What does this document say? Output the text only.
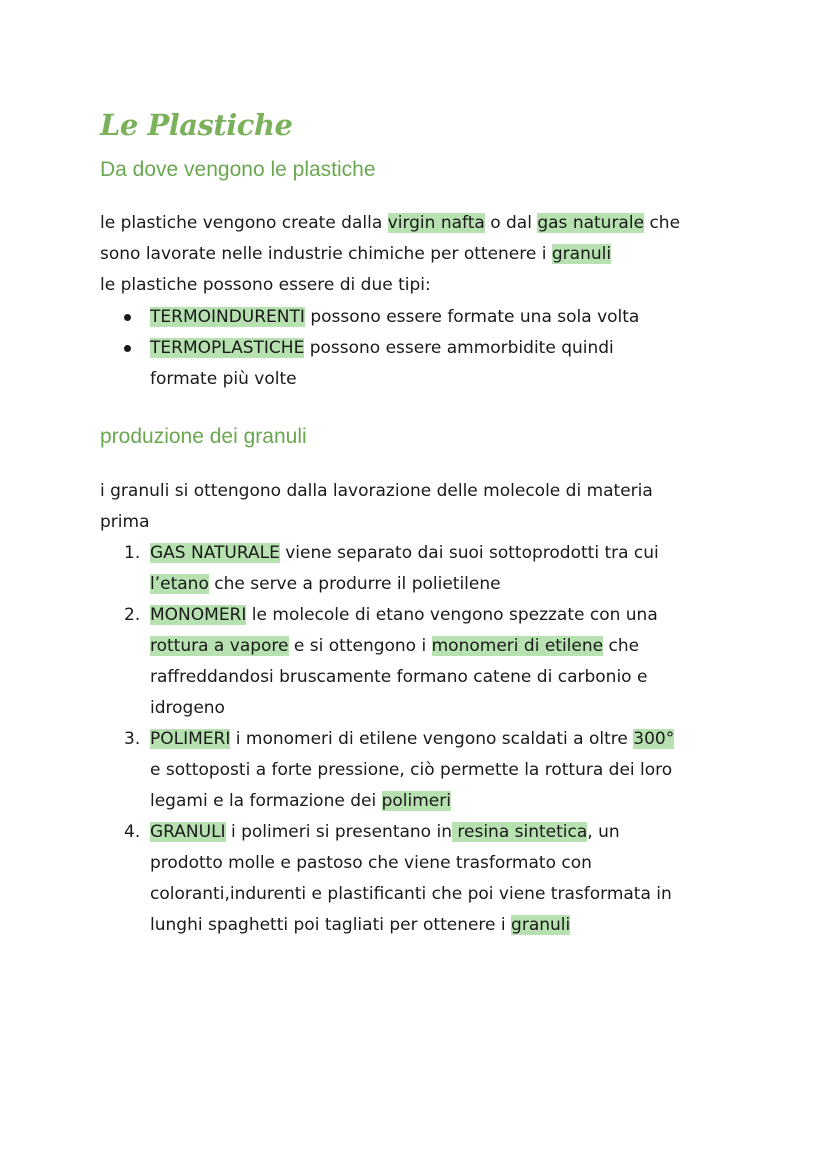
Le Plastiche
Da dove vengono le plastiche

le plastiche vengono create dalla virgin nafta o dal gas naturale che

sono lavorate nelle industrie chimiche per ottenere i granuli

le plastiche possono essere di due tipi:

TERMOINDURENTI possono essere formate una sola volta
TERMOPLASTICHE possono essere ammorbidite quindi
formate più volte
produzione dei granuli

i granuli si ottengono dalla lavorazione delle molecole di materia

prima

1. GAS NATURALE viene separato dai suoi sottoprodotti tra cui
l’etano che serve a produrre il polietilene
2. MONOMERI le molecole di etano vengono spezzate con una
rottura a vapore e si ottengono i monomeri di etilene che
raffreddandosi bruscamente formano catene di carbonio e
idrogeno
3. POLIMERI i monomeri di etilene vengono scaldati a oltre 300°
e sottoposti a forte pressione, ciò permette la rottura dei loro
legami e la formazione dei polimeri
4. GRANULI i polimeri si presentano in resina sintetica, un
prodotto molle e pastoso che viene trasformato con
coloranti,indurenti e plastificanti che poi viene trasformata in
lunghi spaghetti poi tagliati per ottenere i granuli
